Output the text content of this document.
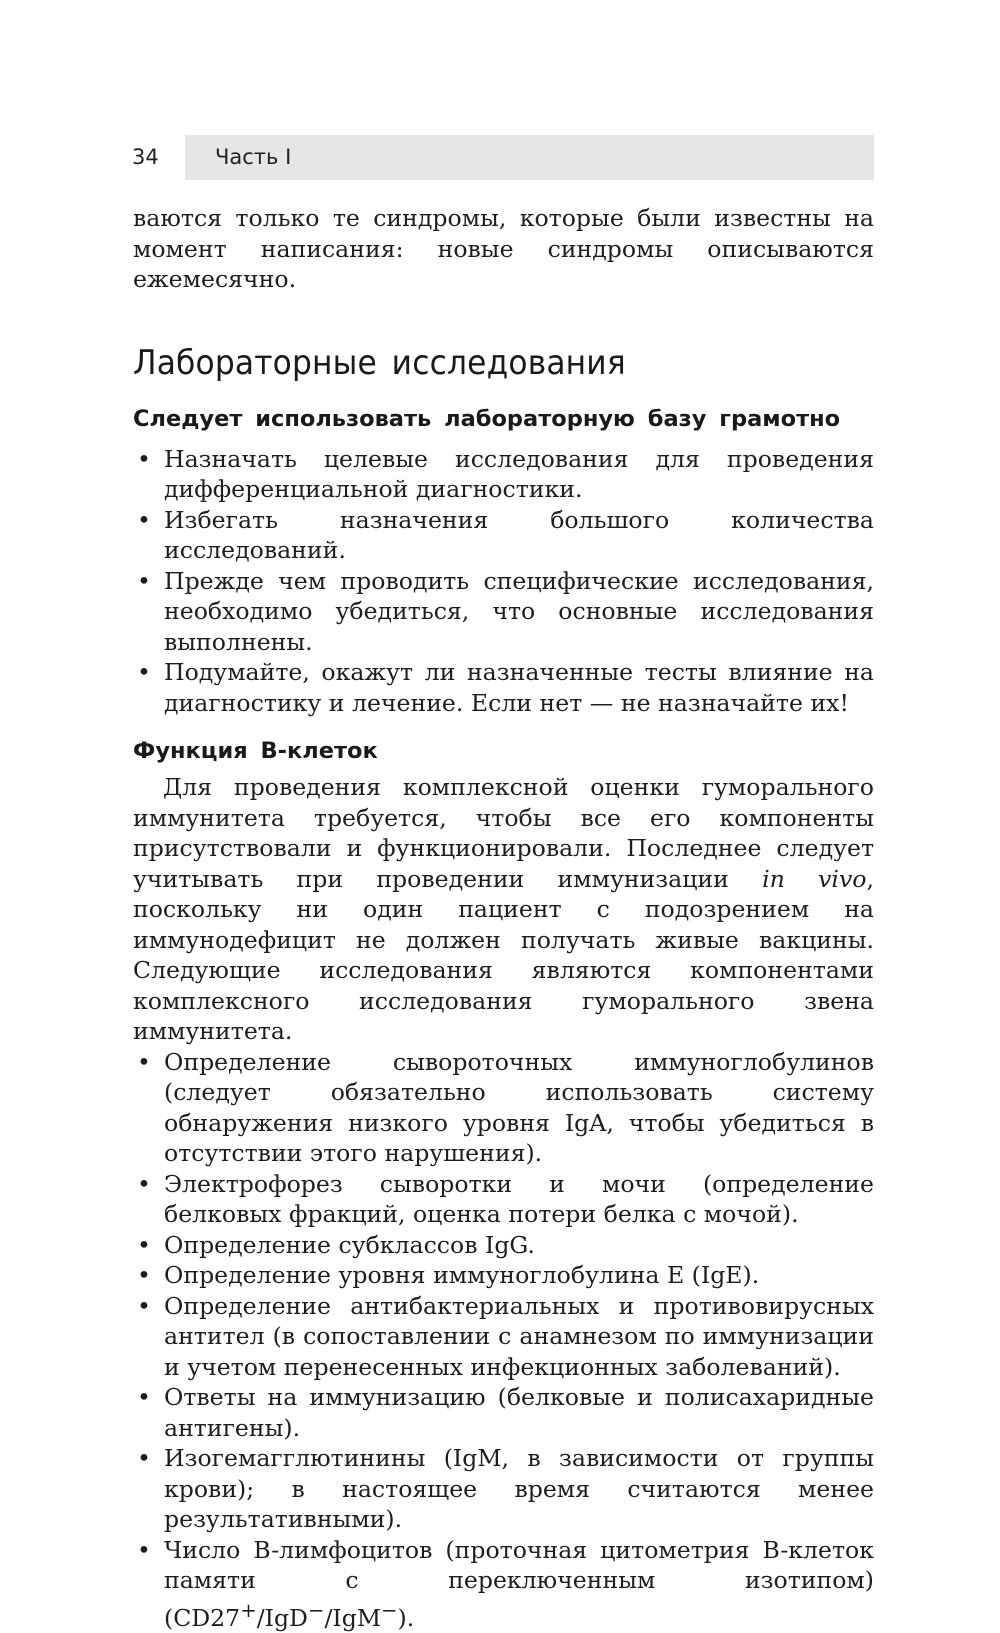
34	Часть I

ваются только те синдромы, которые были известны на момент написания: новые синдромы описываются ежемесячно.

Лабораторные исследования
Следует использовать лабораторную базу грамотно
• Назначать целевые исследования для проведения дифференциальной диагностики.
• Избегать назначения большого количества исследований.
• Прежде чем проводить специфические исследования, необходимо убедиться, что основные исследования выполнены.
• Подумайте, окажут ли назначенные тесты влияние на диагностику и лечение. Если нет — не назначайте их!
Функция B-клеток

Для проведения комплексной оценки гуморального иммунитета требуется, чтобы все его компоненты присутствовали и функционировали. Последнее следует учитывать при проведении иммунизации in vivo, поскольку ни один пациент с подозрением на иммунодефицит не должен получать живые вакцины. Следующие исследования являются компонентами комплексного исследования гуморального звена иммунитета.

• Определение сывороточных иммуноглобулинов (следует обязательно использовать систему обнаружения низкого уровня IgA, чтобы убедиться в отсутствии этого нарушения).
• Электрофорез сыворотки и мочи (определение белковых фракций, оценка потери белка с мочой).
• Определение субклассов IgG.
• Определение уровня иммуноглобулина E (IgE).
• Определение антибактериальных и противовирусных антител (в сопоставлении с анамнезом по иммунизации и учетом перенесенных инфекционных заболеваний).
• Ответы на иммунизацию (белковые и полисахаридные антигены).
• Изогемагглютинины (IgM, в зависимости от группы крови); в настоящее время считаются менее результативными).
• Число B-лимфоцитов (проточная цитометрия B-клеток памяти с переключенным изотипом) (CD27+/IgD−/IgM−).
